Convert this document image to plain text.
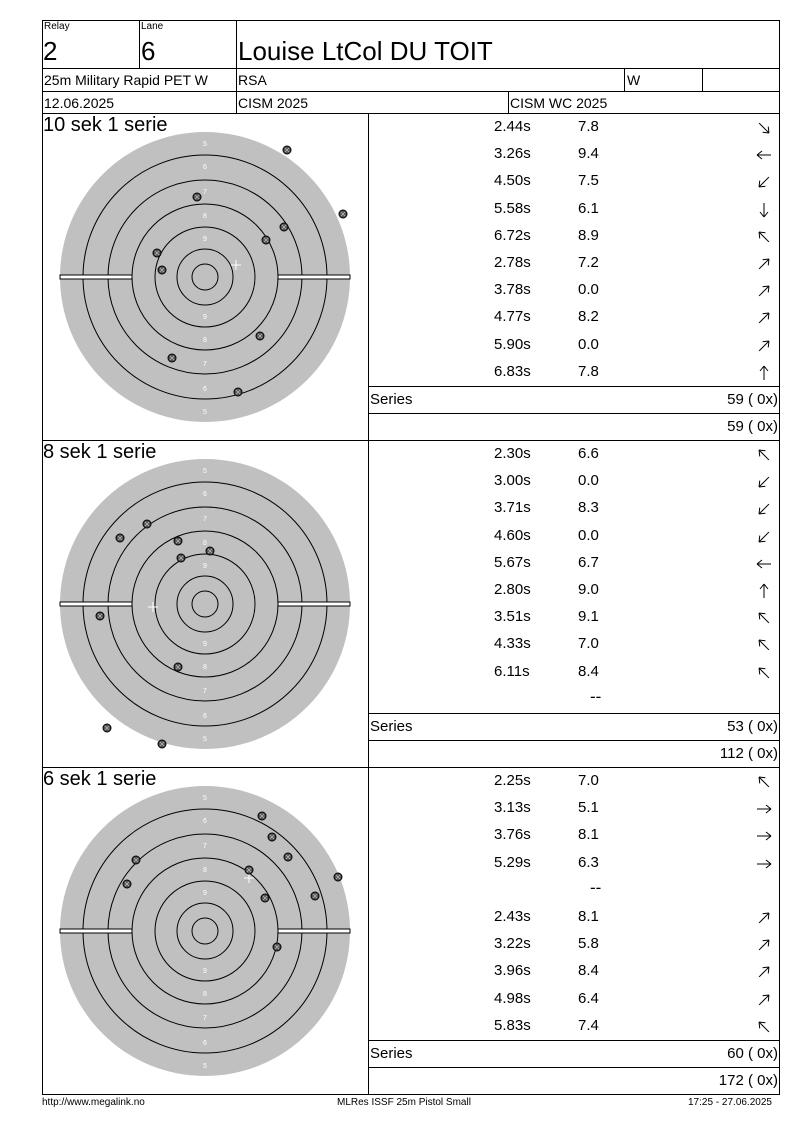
Relay
2
Lane
6	Louise LtCol DU TOIT
25m Military Rapid PET W RSA	W
12.06.2025	CISM 2025	CISM WC 2025
10 sek 1 serie
5
6
7
8
9
9
8
7
6
5
2.44s	7.8
3.26s	9.4
4.50s	7.5
5.58s	6.1
6.72s	8.9
2.78s	7.2
3.78s	0.0
4.77s	8.2
5.90s	0.0
6.83s	7.8
Series	59 ( 0x)
59 ( 0x)
8 sek 1 serie
5
6
7
8
9
9
8
7
6
5
2.30s	6.6
3.00s	0.0
3.71s	8.3
4.60s	0.0
5.67s	6.7
2.80s	9.0
3.51s	9.1
4.33s	7.0
6.11s	8.4
--
Series	53 ( 0x)
112 ( 0x)
6 sek 1 serie
5
6
7
8
9
9
8
7
6
5
2.25s	7.0
3.13s	5.1
3.76s	8.1
5.29s	6.3
--
2.43s	8.1
3.22s	5.8
3.96s	8.4
4.98s	6.4
5.83s	7.4
Series	60 ( 0x)
172 ( 0x)
http://www.megalink.no	MLRes ISSF 25m Pistol Small	17:25 - 27.06.2025
